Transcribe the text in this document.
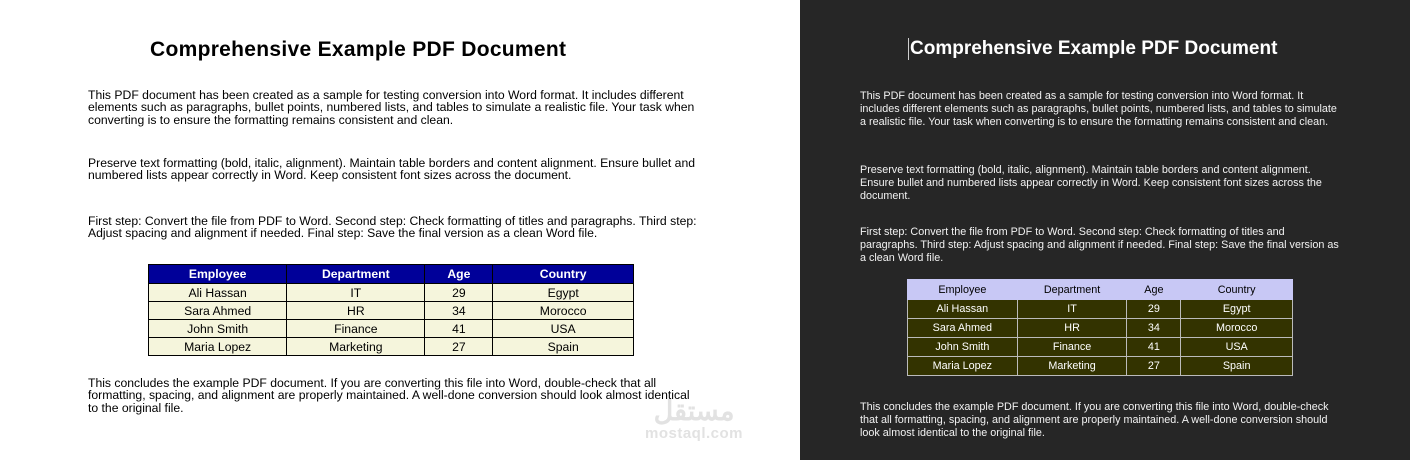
Comprehensive Example PDF Document

This PDF document has been created as a sample for testing conversion into Word format. It includes different elements such as paragraphs, bullet points, numbered lists, and tables to simulate a realistic file. Your task when converting is to ensure the formatting remains consistent and clean.

Preserve text formatting (bold, italic, alignment). Maintain table borders and content alignment. Ensure bullet and numbered lists appear correctly in Word. Keep consistent font sizes across the document.

First step: Convert the file from PDF to Word. Second step: Check formatting of titles and paragraphs. Third step: Adjust spacing and alignment if needed. Final step: Save the final version as a clean Word file.

Employee	Department	Age	Country
Ali Hassan	IT	29	Egypt
Sara Ahmed	HR	34	Morocco
John Smith	Finance	41	USA
Maria Lopez	Marketing	27	Spain

This concludes the example PDF document. If you are converting this file into Word, double-check that all formatting, spacing, and alignment are properly maintained. A well-done conversion should look almost identical to the original file.	مستقل
mostaql.com
Comprehensive Example PDF Document

This PDF document has been created as a sample for testing conversion into Word format. It includes different elements such as paragraphs, bullet points, numbered lists, and tables to simulate a realistic file. Your task when converting is to ensure the formatting remains consistent and clean.

Preserve text formatting (bold, italic, alignment). Maintain table borders and content alignment. Ensure bullet and numbered lists appear correctly in Word. Keep consistent font sizes across the document.

First step: Convert the file from PDF to Word. Second step: Check formatting of titles and paragraphs. Third step: Adjust spacing and alignment if needed. Final step: Save the final version as a clean Word file.

Employee	Department	Age	Country
Ali Hassan	IT	29	Egypt
Sara Ahmed	HR	34	Morocco
John Smith	Finance	41	USA
Maria Lopez	Marketing	27	Spain

This concludes the example PDF document. If you are converting this file into Word, double-check that all formatting, spacing, and alignment are properly maintained. A well-done conversion should look almost identical to the original file.
